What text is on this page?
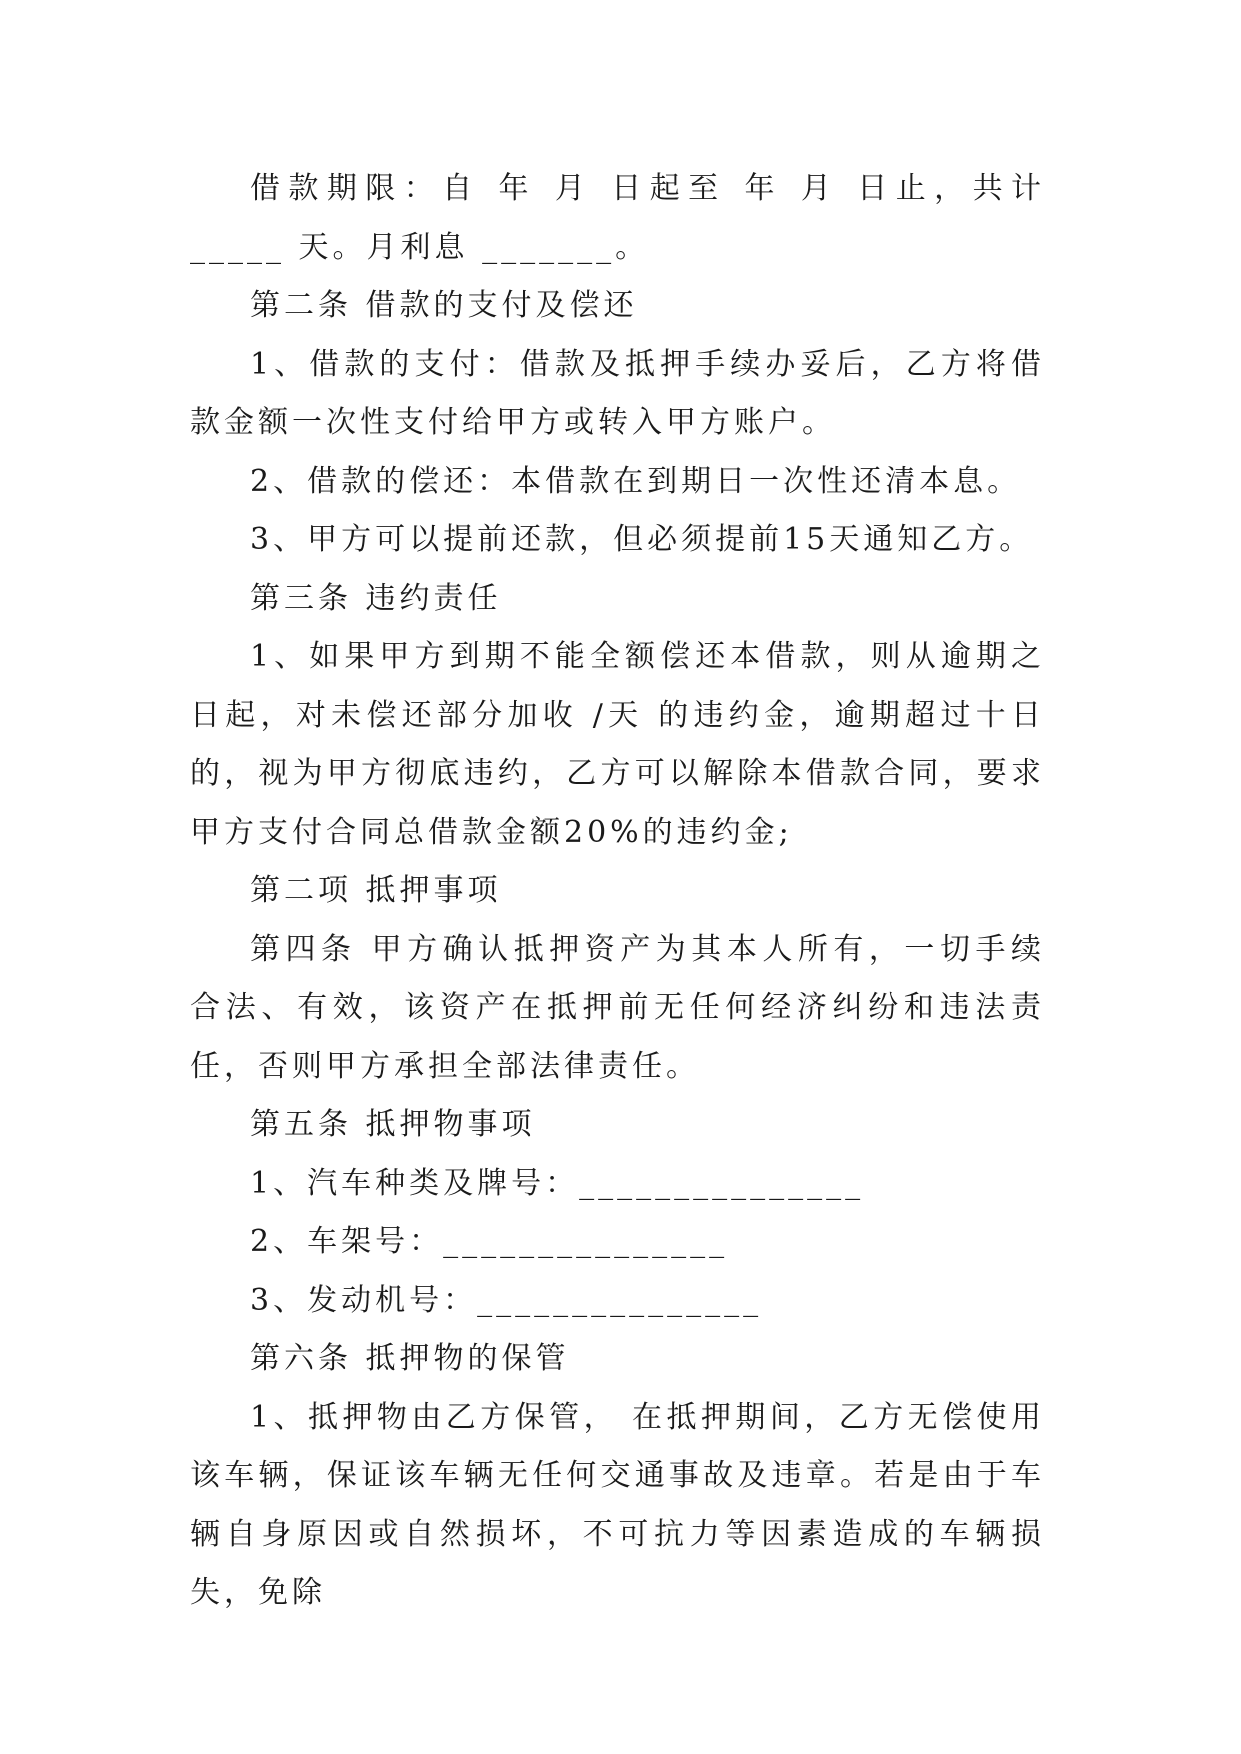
借款期限：自 年 月 日起至 年 月 日止，共计 _____ 天。月利息 _______。

第二条 借款的支付及偿还

1、借款的支付：借款及抵押手续办妥后，乙方将借款金额一次性支付给甲方或转入甲方账户。

2、借款的偿还：本借款在到期日一次性还清本息。

3、甲方可以提前还款，但必须提前15天通知乙方。

第三条 违约责任

1、如果甲方到期不能全额偿还本借款，则从逾期之日起，对未偿还部分加收 /天 的违约金，逾期超过十日的，视为甲方彻底违约，乙方可以解除本借款合同，要求甲方支付合同总借款金额20%的违约金;

第二项 抵押事项

第四条 甲方确认抵押资产为其本人所有，一切手续合法、有效，该资产在抵押前无任何经济纠纷和违法责任，否则甲方承担全部法律责任。

第五条 抵押物事项

1、汽车种类及牌号：_______________

2、车架号：_______________

3、发动机号：_______________

第六条 抵押物的保管

1、抵押物由乙方保管， 在抵押期间，乙方无偿使用该车辆，保证该车辆无任何交通事故及违章。若是由于车辆自身原因或自然损坏，不可抗力等因素造成的车辆损失，免除
